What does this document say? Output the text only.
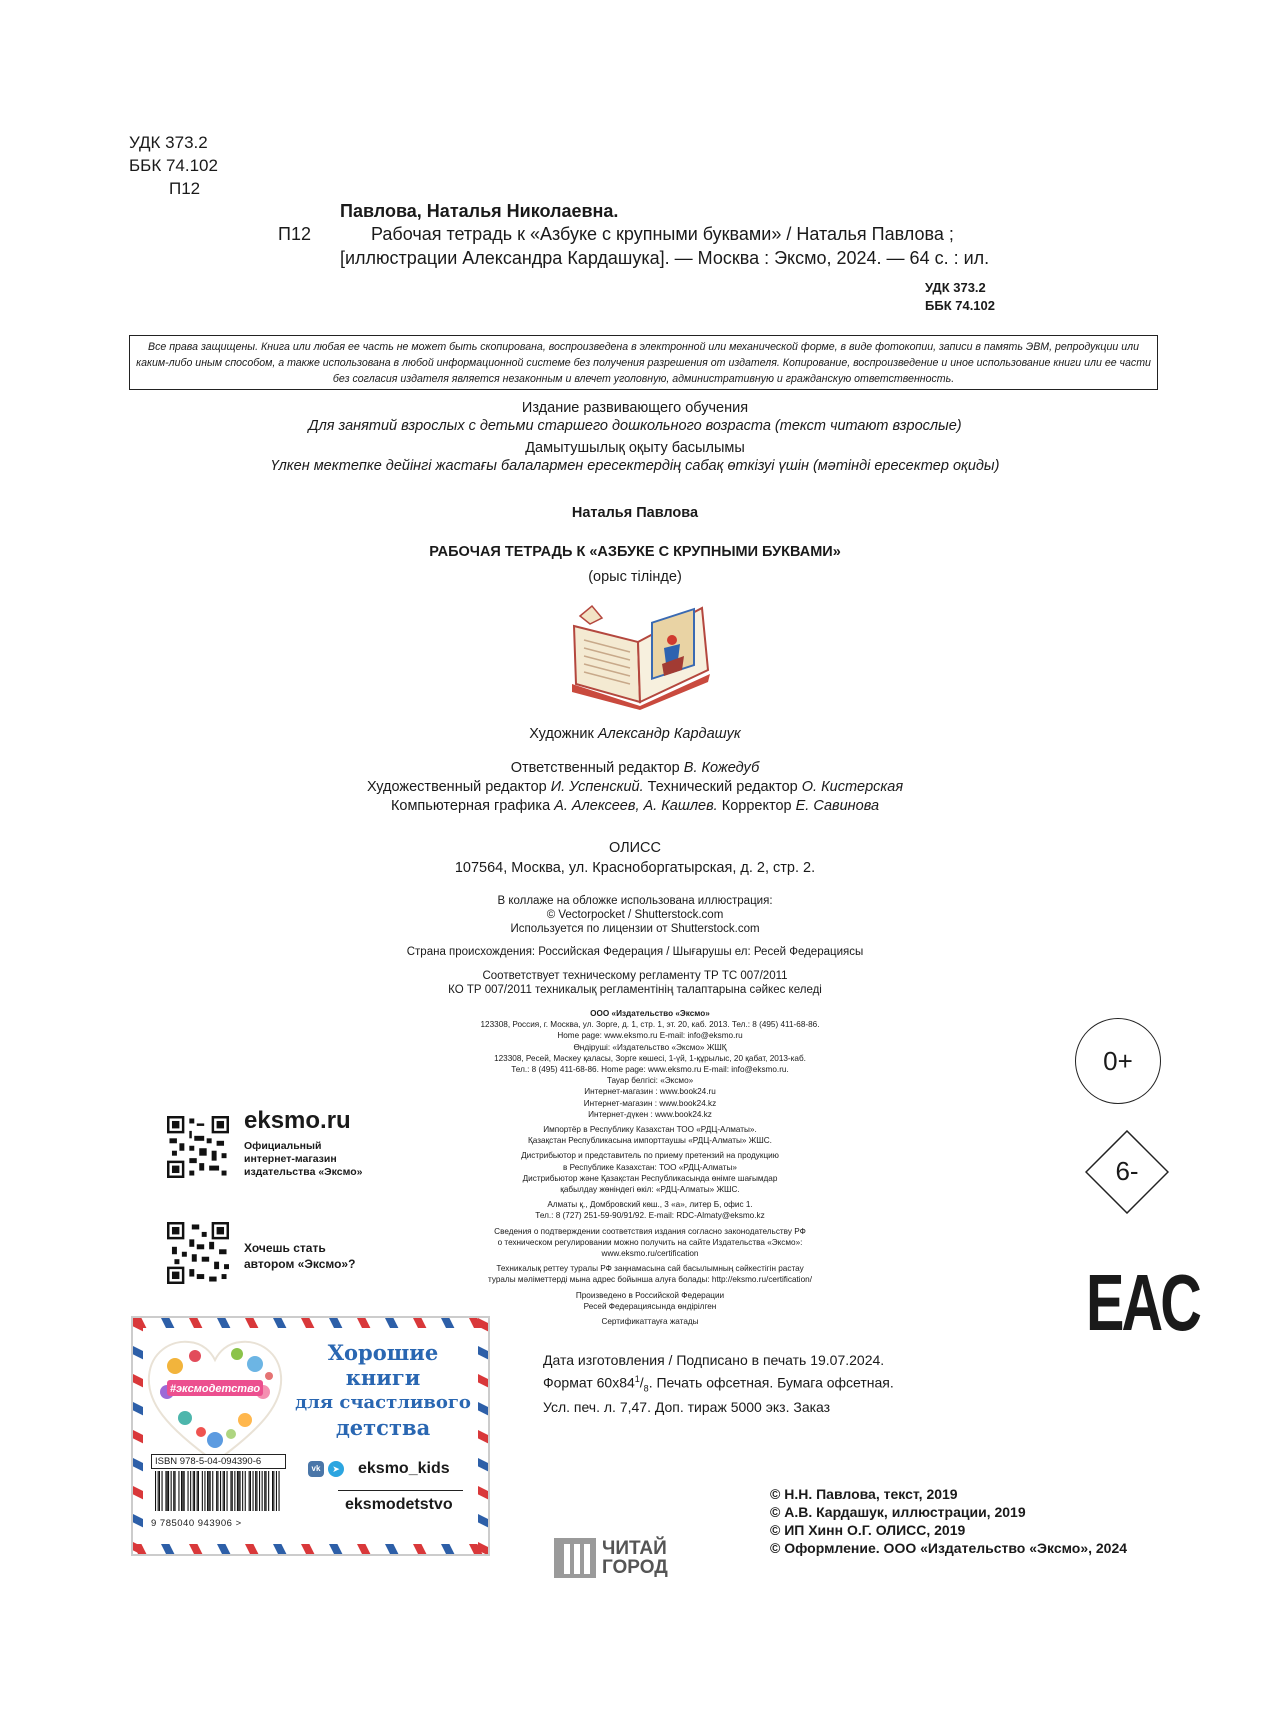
УДК 373.2
ББК 74.102
П12
Павлова, Наталья Николаевна.
П12	Рабочая тетрадь к «Азбуке с крупными буквами» / Наталья Павлова ;
[иллюстрации Александра Кардашука]. — Москва : Эксмо, 2024. — 64 с. : ил.
УДК 373.2
ББК 74.102
Все права защищены. Книга или любая ее часть не может быть скопирована, воспроизведена в электронной или механической форме, в виде фотокопии, записи в память ЭВМ, репродукции или каким-либо иным способом, а также использована в любой информационной системе без получения разрешения от издателя. Копирование, воспроизведение и иное использование книги или ее части без согласия издателя является незаконным и влечет уголовную, административную и гражданскую ответственность.
Издание развивающего обучения
Для занятий взрослых с детьми старшего дошкольного возраста (текст читают взрослые)
Дамытушылық оқыту басылымы
Үлкен мектепке дейінгі жастағы балалармен ересектердің сабақ өткізуі үшін (мәтінді ересектер оқиды)
Наталья Павлова
РАБОЧАЯ ТЕТРАДЬ К «АЗБУКЕ С КРУПНЫМИ БУКВАМИ»
(орыс тілінде)
Художник Александр Кардашук
Ответственный редактор В. Кожедуб
Художественный редактор И. Успенский. Технический редактор О. Кистерская
Компьютерная графика А. Алексеев, А. Кашлев. Корректор Е. Савинова
ОЛИСС
107564, Москва, ул. Красноборгатырская, д. 2, стр. 2.
В коллаже на обложке использована иллюстрация:
© Vectorpocket / Shutterstock.com
Используется по лицензии от Shutterstock.com
Страна происхождения: Российская Федерация / Шығарушы ел: Ресей Федерациясы
Соответствует техническому регламенту ТР ТС 007/2011
КО ТР 007/2011 техникалық регламентінің талаптарына сәйкес келеді
ООО «Издательство «Эксмо»
123308, Россия, г. Москва, ул. Зорге, д. 1, стр. 1, эт. 20, каб. 2013. Тел.: 8 (495) 411-68-86.
Home page: www.eksmo.ru E-mail: info@eksmo.ru
Өндіруші: «Издательство «Эксмо» ЖШҚ
123308, Ресей, Мәскеу қаласы, Зорге көшесі, 1-үй, 1-құрылыс, 20 қабат, 2013-каб.
Тел.: 8 (495) 411-68-86. Home page: www.eksmo.ru E-mail: info@eksmo.ru.
Тауар белгісі: «Эксмо»
Интернет-магазин : www.book24.ru
Интернет-магазин : www.book24.kz
Интернет-дүкен : www.book24.kz
Импортёр в Республику Казахстан ТОО «РДЦ-Алматы».
Қазақстан Республикасына импорттаушы «РДЦ-Алматы» ЖШС.
Дистрибьютор и представитель по приему претензий на продукцию
в Республике Казахстан: ТОО «РДЦ-Алматы»
Дистрибьютор және Қазақстан Республикасында өнімге шағымдар
қабылдау жөніндегі өкіл: «РДЦ-Алматы» ЖШС.
Алматы қ., Домбровский көш., 3 «а», литер Б, офис 1.
Тел.: 8 (727) 251-59-90/91/92. E-mail: RDC-Almaty@eksmo.kz
Сведения о подтверждении соответствия издания согласно законодательству РФ
о техническом регулировании можно получить на сайте Издательства «Эксмо»:
www.eksmo.ru/certification
Техникалық реттеу туралы РФ заңнамасына сай басылымның сәйкестігін растау
туралы мәліметтерді мына адрес бойынша алуға болады: http://eksmo.ru/certification/
Произведено в Российской Федерации
Ресей Федерациясында өндірілген
Сертификаттауға жатады
eksmo.ru
Официальный
интернет-магазин
издательства «Эксмо»
Хочешь стать
автором «Эксмо»?
0+
6-
EAC
Дата изготовления / Подписано в печать 19.07.2024.
Формат $60х84^1/_8$. Печать офсетная. Бумага офсетная.
Усл. печ. л. 7,47. Доп. тираж 5000 экз. Заказ
#эксмодетство
Хорошие
книги
для счастливого
детства
ISBN 978-5-04-094390-6
9 785040 943906 >
vk	➤ eksmo_kids
eksmodetstvo
ЧИТАЙ
ГОРОД
© Н.Н. Павлова, текст, 2019
© А.В. Кардашук, иллюстрации, 2019
© ИП Хинн О.Г. ОЛИСС, 2019
© Оформление. ООО «Издательство «Эксмо», 2024
